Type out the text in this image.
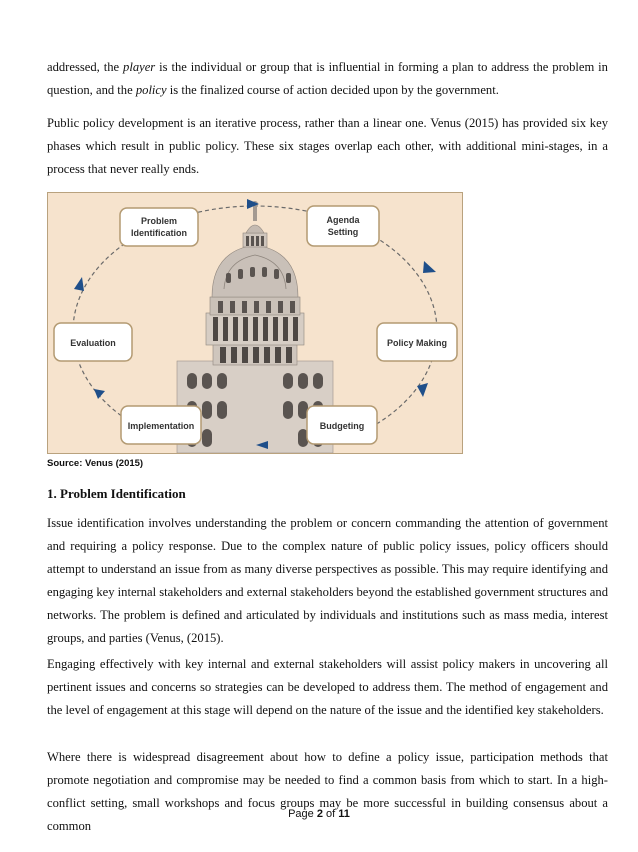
addressed, the player is the individual or group that is influential in forming a plan to address the problem in question, and the policy is the finalized course of action decided upon by the government.

Public policy development is an iterative process, rather than a linear one. Venus (2015) has provided six key phases which result in public policy. These six stages overlap each other, with additional mini-stages, in a process that never really ends.

Problem
Identification
Agenda
Setting
Policy Making
Budgeting
Implementation
Evaluation
Source: Venus (2015)
1. Problem Identification

Issue identification involves understanding the problem or concern commanding the attention of government and requiring a policy response. Due to the complex nature of public policy issues, policy officers should attempt to understand an issue from as many diverse perspectives as possible. This may require identifying and engaging key internal stakeholders and external stakeholders beyond the established government structures and networks. The problem is defined and articulated by individuals and institutions such as mass media, interest groups, and parties (Venus, (2015).

Engaging effectively with key internal and external stakeholders will assist policy makers in uncovering all pertinent issues and concerns so strategies can be developed to address them. The method of engagement and the level of engagement at this stage will depend on the nature of the issue and the identified key stakeholders.

Where there is widespread disagreement about how to define a policy issue, participation methods that promote negotiation and compromise may be needed to find a common basis from which to start. In a high-conflict setting, small workshops and focus groups may be more successful in building consensus about a common

Page 2 of 11
